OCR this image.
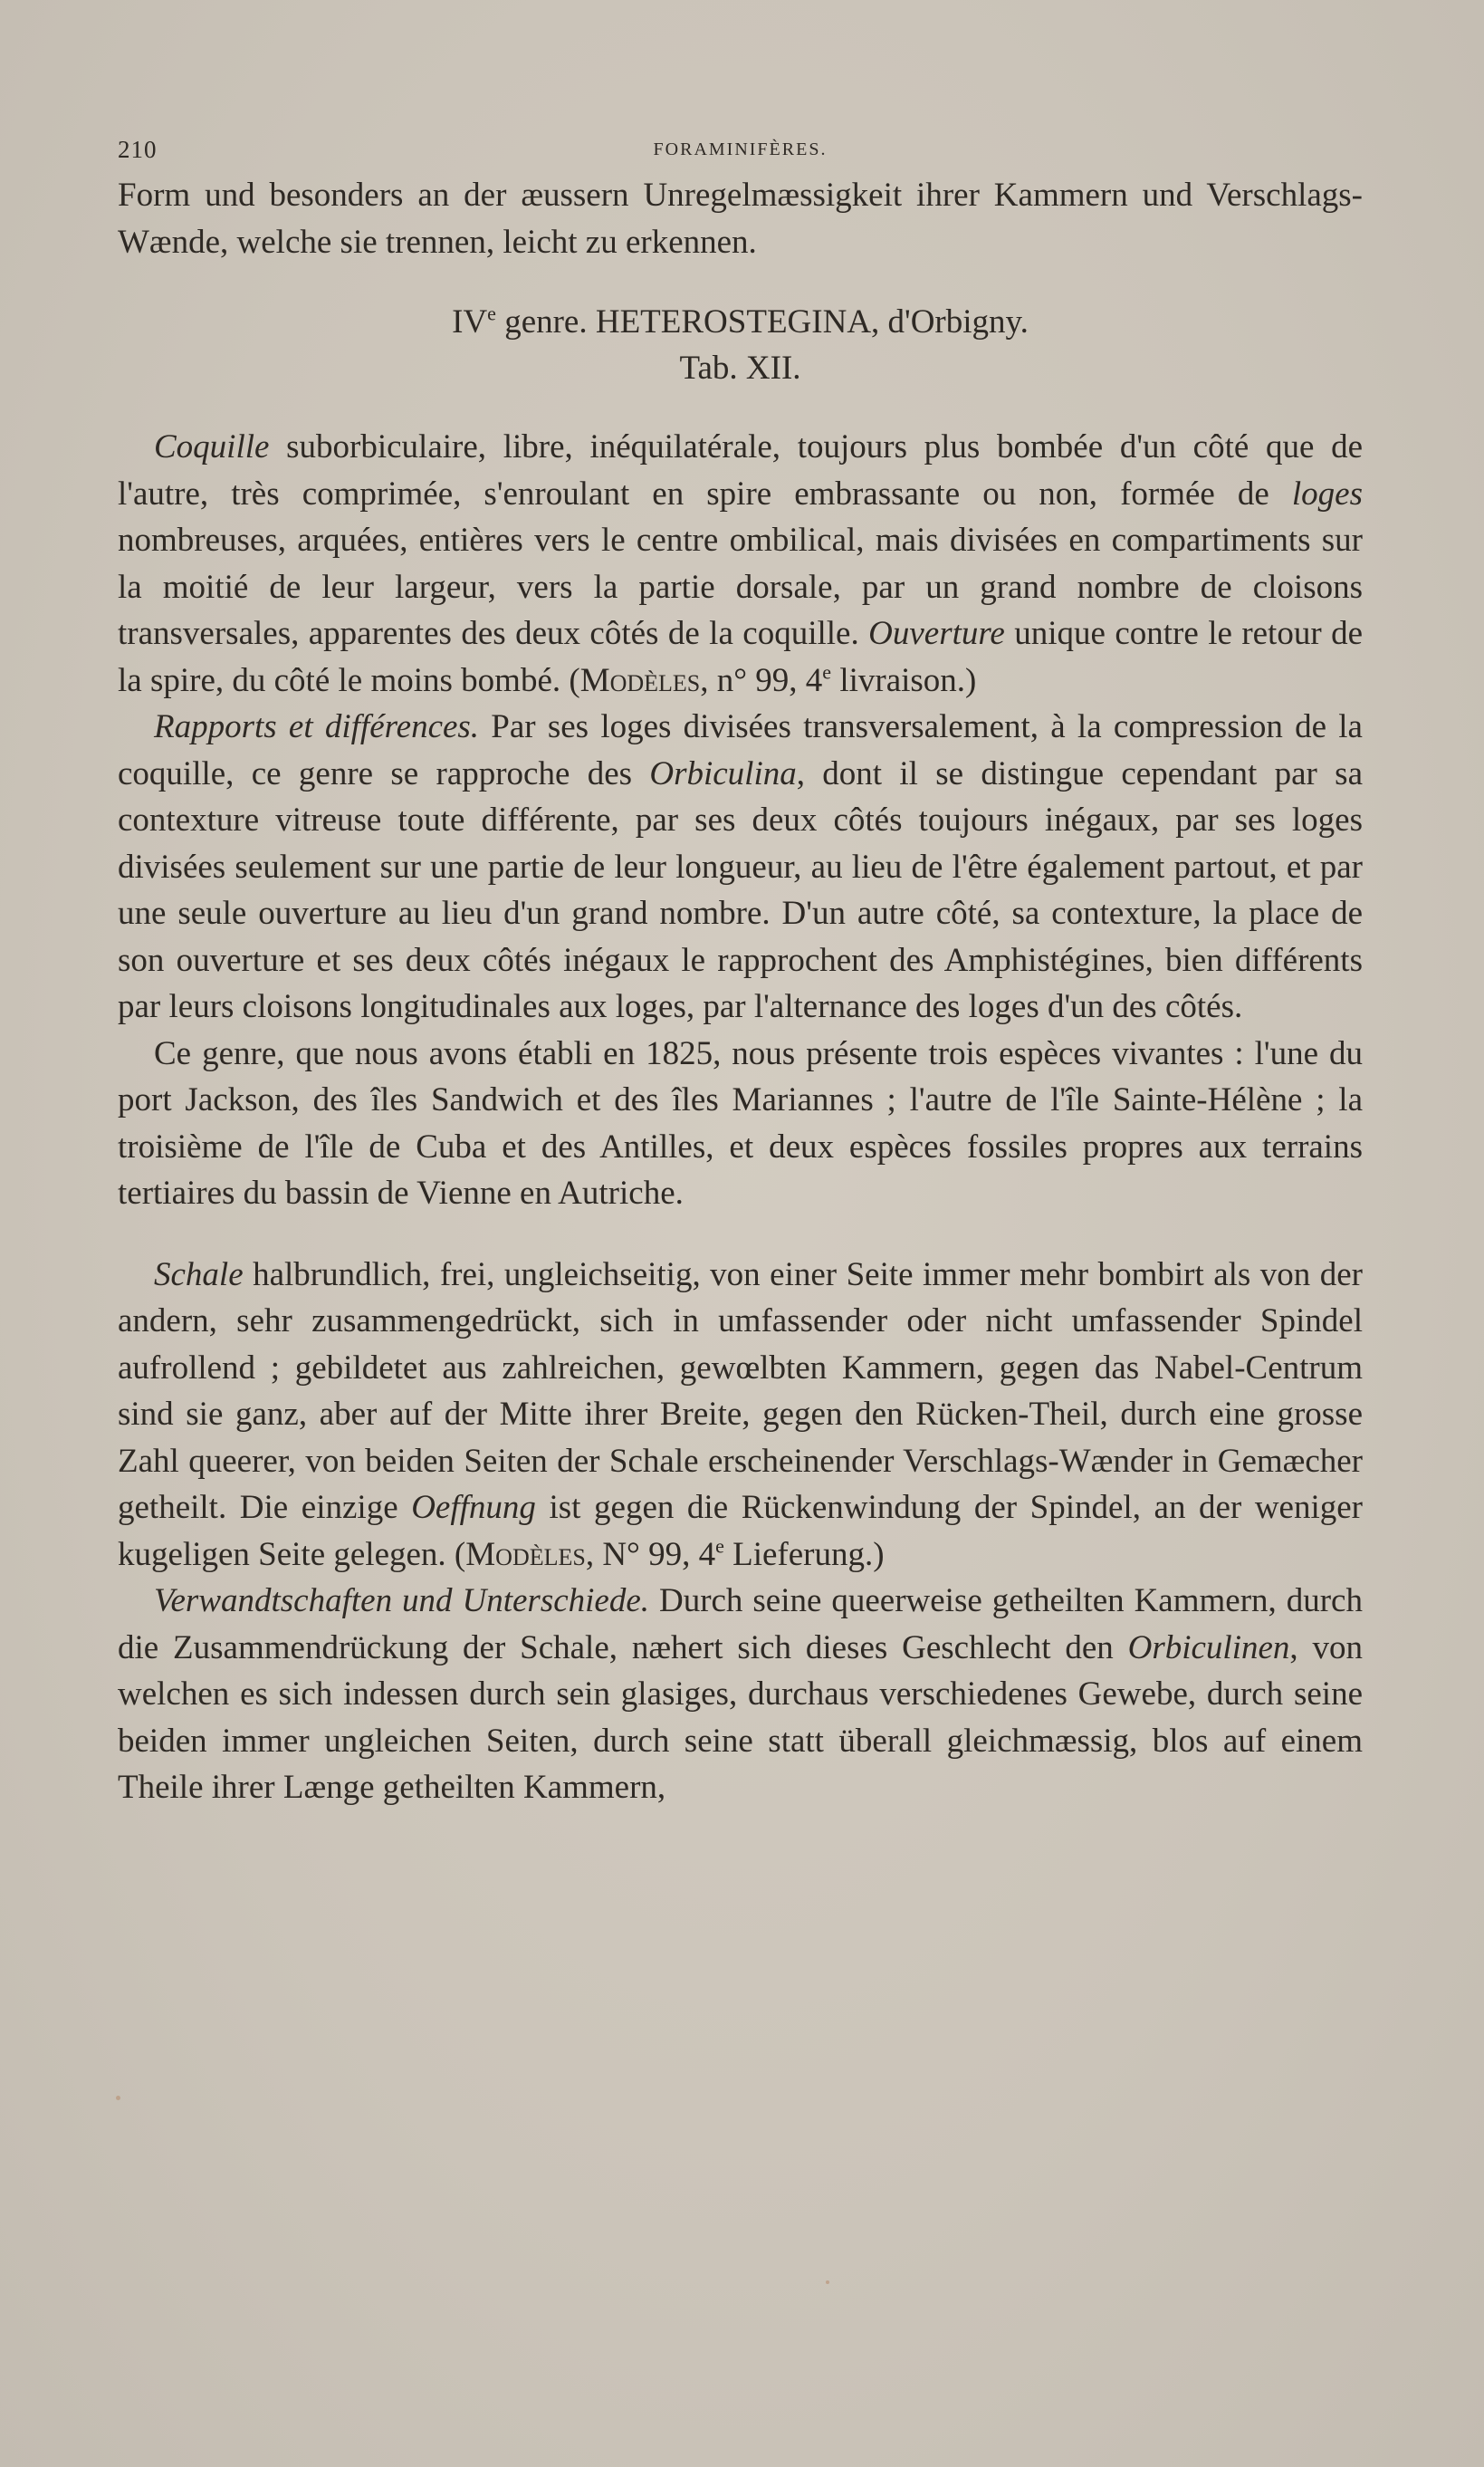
210	FORAMINIFÈRES.

Form und besonders an der æussern Unregelmæssigkeit ihrer Kammern und Verschlags-Wænde, welche sie trennen, leicht zu erkennen.

IVe genre. HETEROSTEGINA, d'Orbigny.
Tab. XII.

Coquille suborbiculaire, libre, inéquilatérale, toujours plus bombée d'un côté que de l'autre, très comprimée, s'enroulant en spire embrassante ou non, formée de loges nombreuses, arquées, entières vers le centre ombilical, mais divisées en compartiments sur la moitié de leur largeur, vers la partie dorsale, par un grand nombre de cloisons transversales, apparentes des deux côtés de la coquille. Ouverture unique contre le retour de la spire, du côté le moins bombé. (Modèles, n° 99, 4e livraison.)

Rapports et différences. Par ses loges divisées transversalement, à la compression de la coquille, ce genre se rapproche des Orbiculina, dont il se distingue cependant par sa contexture vitreuse toute différente, par ses deux côtés toujours inégaux, par ses loges divisées seulement sur une partie de leur longueur, au lieu de l'être également partout, et par une seule ouverture au lieu d'un grand nombre. D'un autre côté, sa contexture, la place de son ouverture et ses deux côtés inégaux le rapprochent des Amphistégines, bien différents par leurs cloisons longitudinales aux loges, par l'alternance des loges d'un des côtés.

Ce genre, que nous avons établi en 1825, nous présente trois espèces vivantes : l'une du port Jackson, des îles Sandwich et des îles Mariannes ; l'autre de l'île Sainte-Hélène ; la troisième de l'île de Cuba et des Antilles, et deux espèces fossiles propres aux terrains tertiaires du bassin de Vienne en Autriche.

Schale halbrundlich, frei, ungleichseitig, von einer Seite immer mehr bombirt als von der andern, sehr zusammengedrückt, sich in umfassender oder nicht umfassender Spindel aufrollend ; gebildetet aus zahlreichen, gewœlbten Kammern, gegen das Nabel-Centrum sind sie ganz, aber auf der Mitte ihrer Breite, gegen den Rücken-Theil, durch eine grosse Zahl queerer, von beiden Seiten der Schale erscheinender Verschlags-Wænder in Gemæcher getheilt. Die einzige Oeffnung ist gegen die Rückenwindung der Spindel, an der weniger kugeligen Seite gelegen. (Modèles, N° 99, 4e Lieferung.)

Verwandtschaften und Unterschiede. Durch seine queerweise getheilten Kammern, durch die Zusammendrückung der Schale, næhert sich dieses Geschlecht den Orbiculinen, von welchen es sich indessen durch sein glasiges, durchaus verschiedenes Gewebe, durch seine beiden immer ungleichen Seiten, durch seine statt überall gleichmæssig, blos auf einem Theile ihrer Længe getheilten Kammern,
